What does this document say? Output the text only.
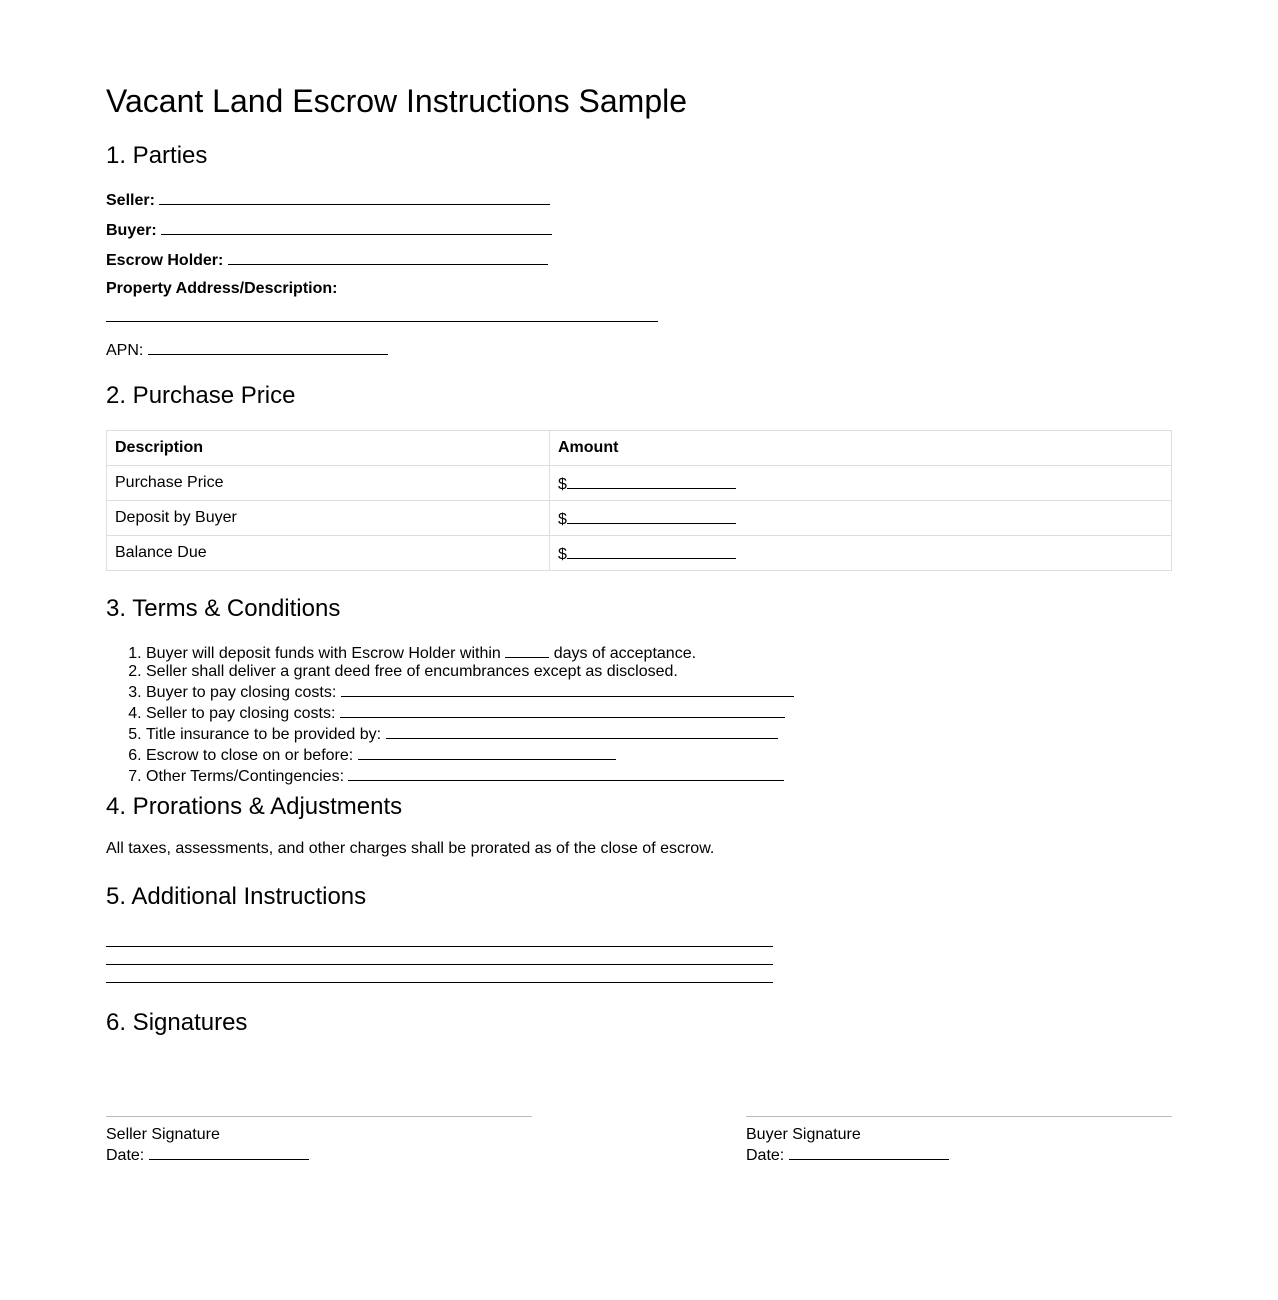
Vacant Land Escrow Instructions Sample
1. Parties
Seller:
Buyer:
Escrow Holder:
Property Address/Description:
APN:
2. Purchase Price
Description	Amount
Purchase Price	$
Deposit by Buyer	$
Balance Due	$
3. Terms & Conditions
1. Buyer will deposit funds with Escrow Holder within	days of acceptance.
2. Seller shall deliver a grant deed free of encumbrances except as disclosed.
3. Buyer to pay closing costs:
4. Seller to pay closing costs:
5. Title insurance to be provided by:
6. Escrow to close on or before:
7. Other Terms/Contingencies:
4. Prorations & Adjustments
All taxes, assessments, and other charges shall be prorated as of the close of escrow.
5. Additional Instructions
6. Signatures
Seller Signature
Date:
Buyer Signature
Date:
